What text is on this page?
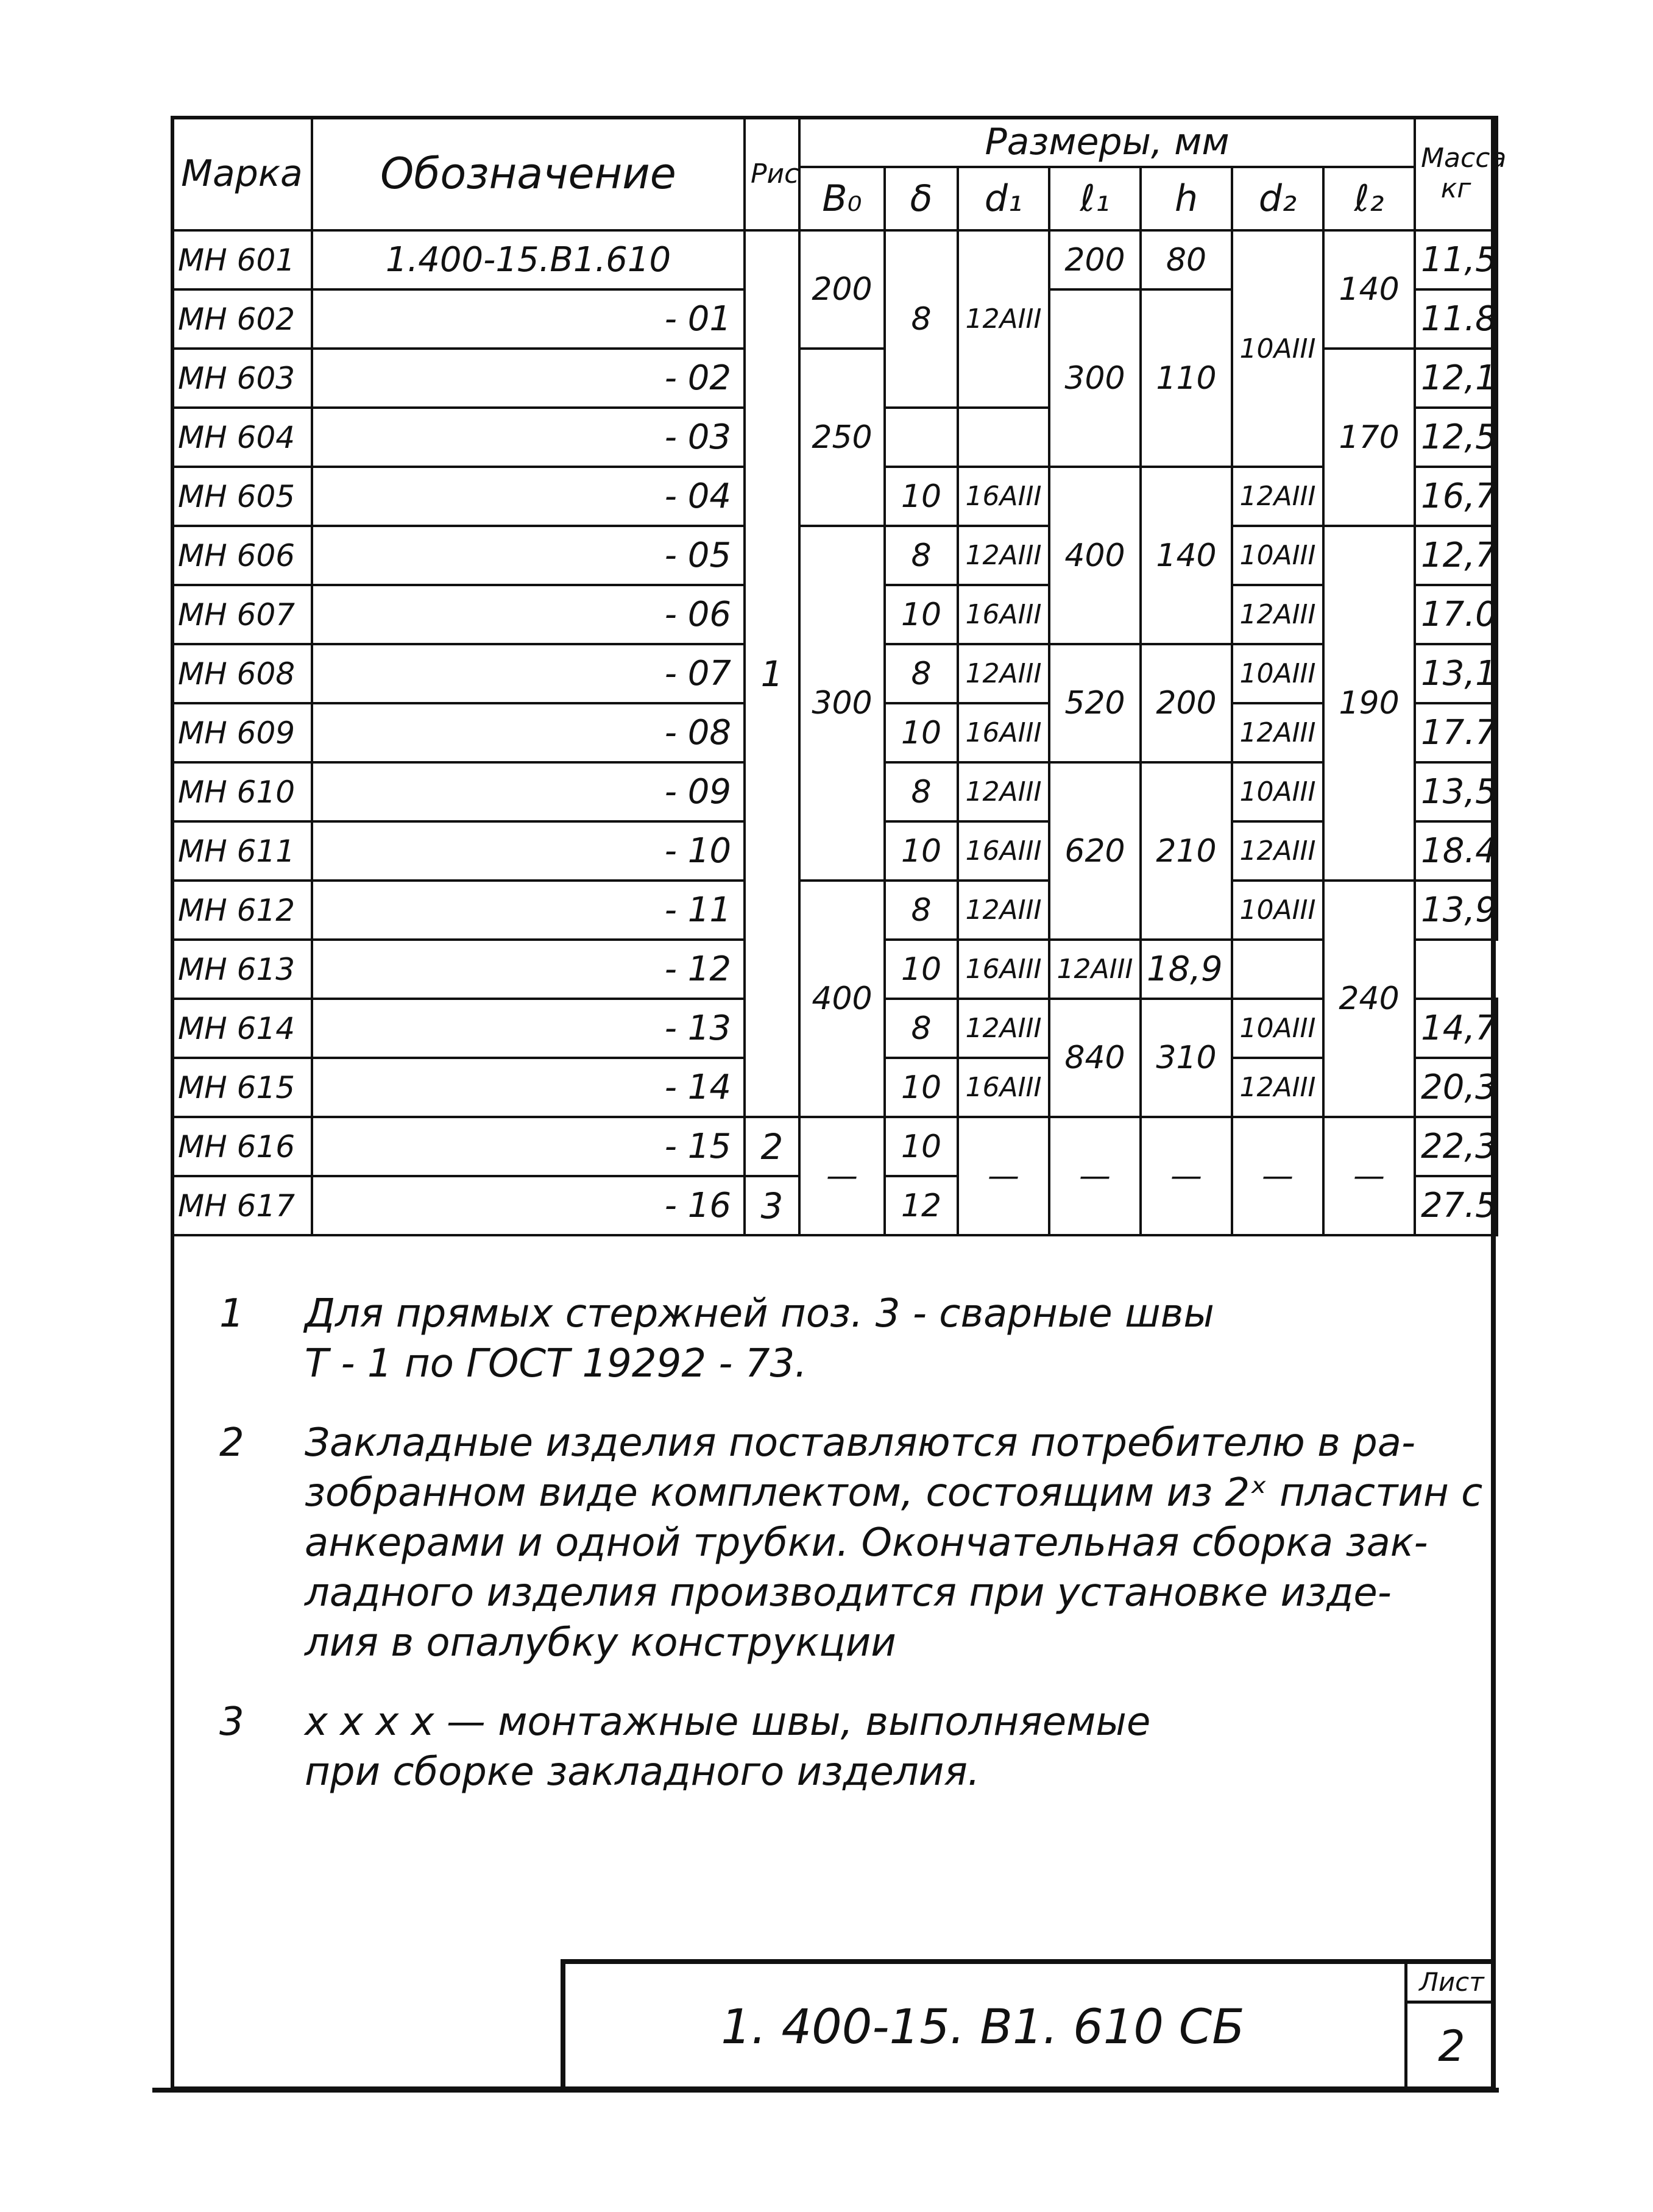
Марка	Обозначение	Рис	Размеры, мм							Масса кг
			B₀	δ	d₁	ℓ₁	h	d₂	ℓ₂	
МН 601	1.400-15.В1.610	1	200	8	12АIII	200	80	10АIII	140	11,5
МН 602	- 01					300	110			11.8
МН 603	- 02		250						170	12,1
МН 604	- 03									12,5
МН 605	- 04			10	16АIII	400	140	12АIII		16,7
МН 606	- 05		300	8	12АIII			10АIII	190	12,7
МН 607	- 06			10	16АIII			12АIII		17.0
МН 608	- 07			8	12АIII	520	200	10АIII		13,1
МН 609	- 08			10	16АIII			12АIII		17.7
МН 610	- 09			8	12АIII	620	210	10АIII		13,5
МН 611	- 10			10	16АIII			12АIII		18.4
МН 612	- 11		400	8	12АIII			10АIII	240	13,9
МН 613	- 12			10	16АIII	12АIII	18,9			
МН 614	- 13			8	12АIII	840	310	10АIII		14,7
МН 615	- 14			10	16АIII			12АIII		20,3
МН 616	- 15	2	—	10	—	—	—	—	—	22,3
МН 617	- 16	3		12						27.5
1	Для прямых стержней поз. 3 - сварные швы

Т - 1 по ГОСТ 19292 - 73.

2	Закладные изделия поставляются потребителю в ра-

зобранном виде комплектом, состоящим из 2ˣ пластин с

анкерами и одной трубки. Окончательная сборка зак-

ладного изделия производится при установке изде-

лия в опалубку конструкции

3	х х х х — монтажные швы, выполняемые

при сборке закладного изделия.

1. 400-15. В1. 610 СБ
Лист
2
